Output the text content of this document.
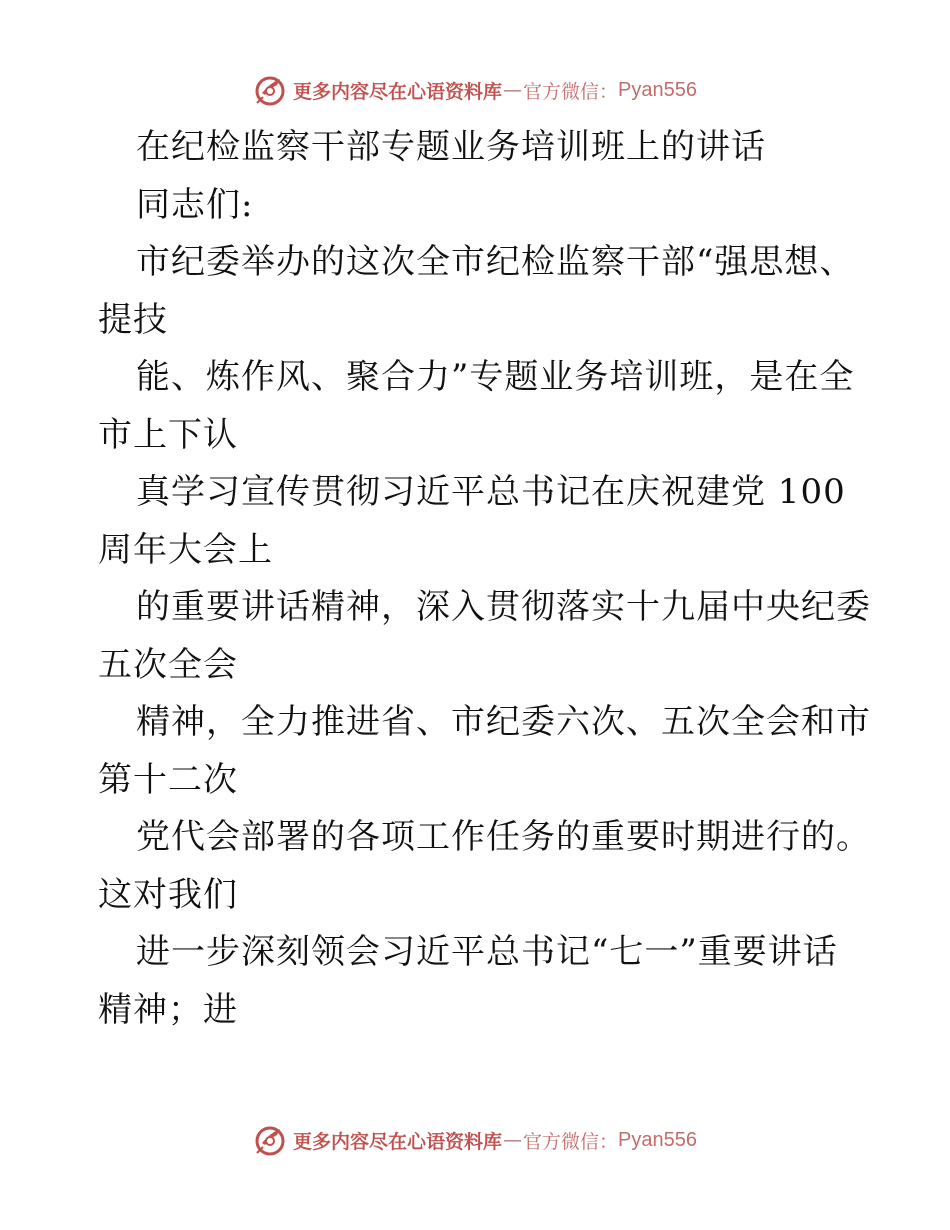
更多内容尽在心语资料库 — 官方微信： Pyan556
在纪检监察干部专题业务培训班上的讲话
同志们:
市纪委举办的这次全市纪检监察干部“强思想、
提技
能、炼作风、聚合力”专题业务培训班，是在全
市上下认
真学习宣传贯彻习近平总书记在庆祝建党 100
周年大会上
的重要讲话精神，深入贯彻落实十九届中央纪委
五次全会
精神，全力推进省、市纪委六次、五次全会和市
第十二次
党代会部署的各项工作任务的重要时期进行的。
这对我们
进一步深刻领会习近平总书记“七一”重要讲话
精神；进
更多内容尽在心语资料库 — 官方微信： Pyan556
